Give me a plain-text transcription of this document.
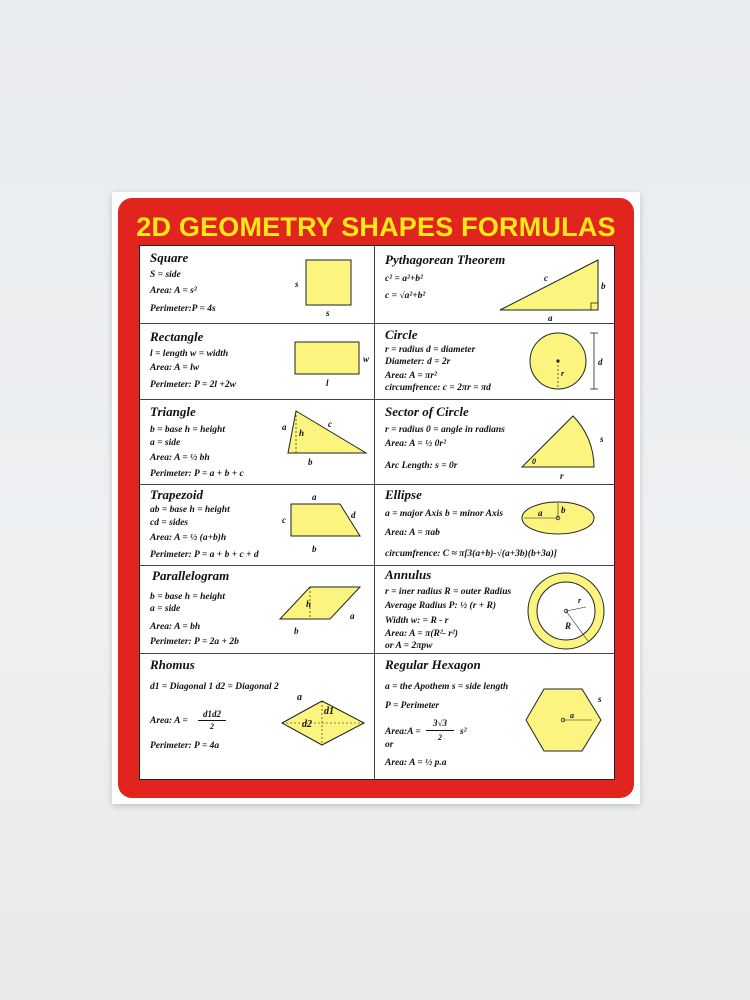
2D GEOMETRY SHAPES FORMULAS
Square
S = side
Area: A = s²
Perimeter:P = 4s
s
s
Pythagorean Theorem
c² = a²+b²
c = √a²+b²
c
b
a
Rectangle
l = length w = width
Area: A = lw
Perimeter: P = 2l +2w
w
l
Circle
r = radius d = diameter
Diameter: d = 2r
Area: A = πr²
circumfrence: c = 2πr = πd
r
d
Triangle
b = base h = height
a = side
Area: A = ½ bh
Perimeter: P = a + b + c
a
h
c
b
Sector of Circle
r = radius 0 = angle in radians
Area: A = ½ 0r²
Arc Length: s = 0r
s
r
0
Trapezoid
ab = base h = height
cd = sides
Area: A = ½ (a+b)h
Perimeter: P = a + b + c + d
a
c	d
b
Ellipse
a = major Axis b = minor Axis
Area: A = πab
circumfrence: C ≈ π[3(a+b)-√(a+3b)(b+3a)]
a b
Parallelogram
b = base h = height
a = side
Area: A = bh
Perimeter: P = 2a + 2b
h
a
b
Annulus
r = iner radius R = outer Radius
Average Radius P: ½ (r + R)
Width w: = R - r
Area: A = π(R²- r²)
or A = 2πpw
r
R
Rhomus
d1 = Diagonal 1 d2 = Diagonal 2
Area: A =
d1d2
2
Perimeter: P = 4a
a
d1
d2
Regular Hexagon
a = the Apothem s = side length
P = Perimeter
Area:A =
3√3
2
s²
or
Area: A = ½ p.a
a
s
